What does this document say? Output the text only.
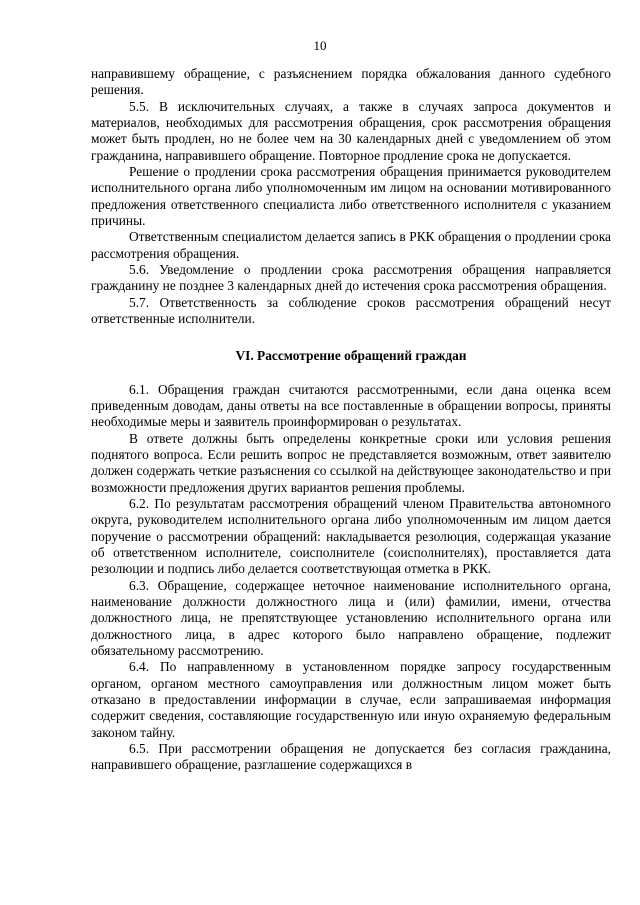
10

направившему обращение, с разъяснением порядка обжалования данного судебного решения.

5.5. В исключительных случаях, а также в случаях запроса документов и материалов, необходимых для рассмотрения обращения, срок рассмотрения обращения может быть продлен, но не более чем на 30 календарных дней с уведомлением об этом гражданина, направившего обращение. Повторное продление срока не допускается.

Решение о продлении срока рассмотрения обращения принимается руководителем исполнительного органа либо уполномоченным им лицом на основании мотивированного предложения ответственного специалиста либо ответственного исполнителя с указанием причины.

Ответственным специалистом делается запись в РКК обращения о продлении срока рассмотрения обращения.

5.6. Уведомление о продлении срока рассмотрения обращения направляется гражданину не позднее 3 календарных дней до истечения срока рассмотрения обращения.

5.7. Ответственность за соблюдение сроков рассмотрения обращений несут ответственные исполнители.

VI. Рассмотрение обращений граждан

6.1. Обращения граждан считаются рассмотренными, если дана оценка всем приведенным доводам, даны ответы на все поставленные в обращении вопросы, приняты необходимые меры и заявитель проинформирован о результатах.

В ответе должны быть определены конкретные сроки или условия решения поднятого вопроса. Если решить вопрос не представляется возможным, ответ заявителю должен содержать четкие разъяснения со ссылкой на действующее законодательство и при возможности предложения других вариантов решения проблемы.

6.2. По результатам рассмотрения обращений членом Правительства автономного округа, руководителем исполнительного органа либо уполномоченным им лицом дается поручение о рассмотрении обращений: накладывается резолюция, содержащая указание об ответственном исполнителе, соисполнителе (соисполнителях), проставляется дата резолюции и подпись либо делается соответствующая отметка в РКК.

6.3. Обращение, содержащее неточное наименование исполнительного органа, наименование должности должностного лица и (или) фамилии, имени, отчества должностного лица, не препятствующее установлению исполнительного органа или должностного лица, в адрес которого было направлено обращение, подлежит обязательному рассмотрению.

6.4. По направленному в установленном порядке запросу государственным органом, органом местного самоуправления или должностным лицом может быть отказано в предоставлении информации в случае, если запрашиваемая информация содержит сведения, составляющие государственную или иную охраняемую федеральным законом тайну.

6.5. При рассмотрении обращения не допускается без согласия гражданина, направившего обращение, разглашение содержащихся в
